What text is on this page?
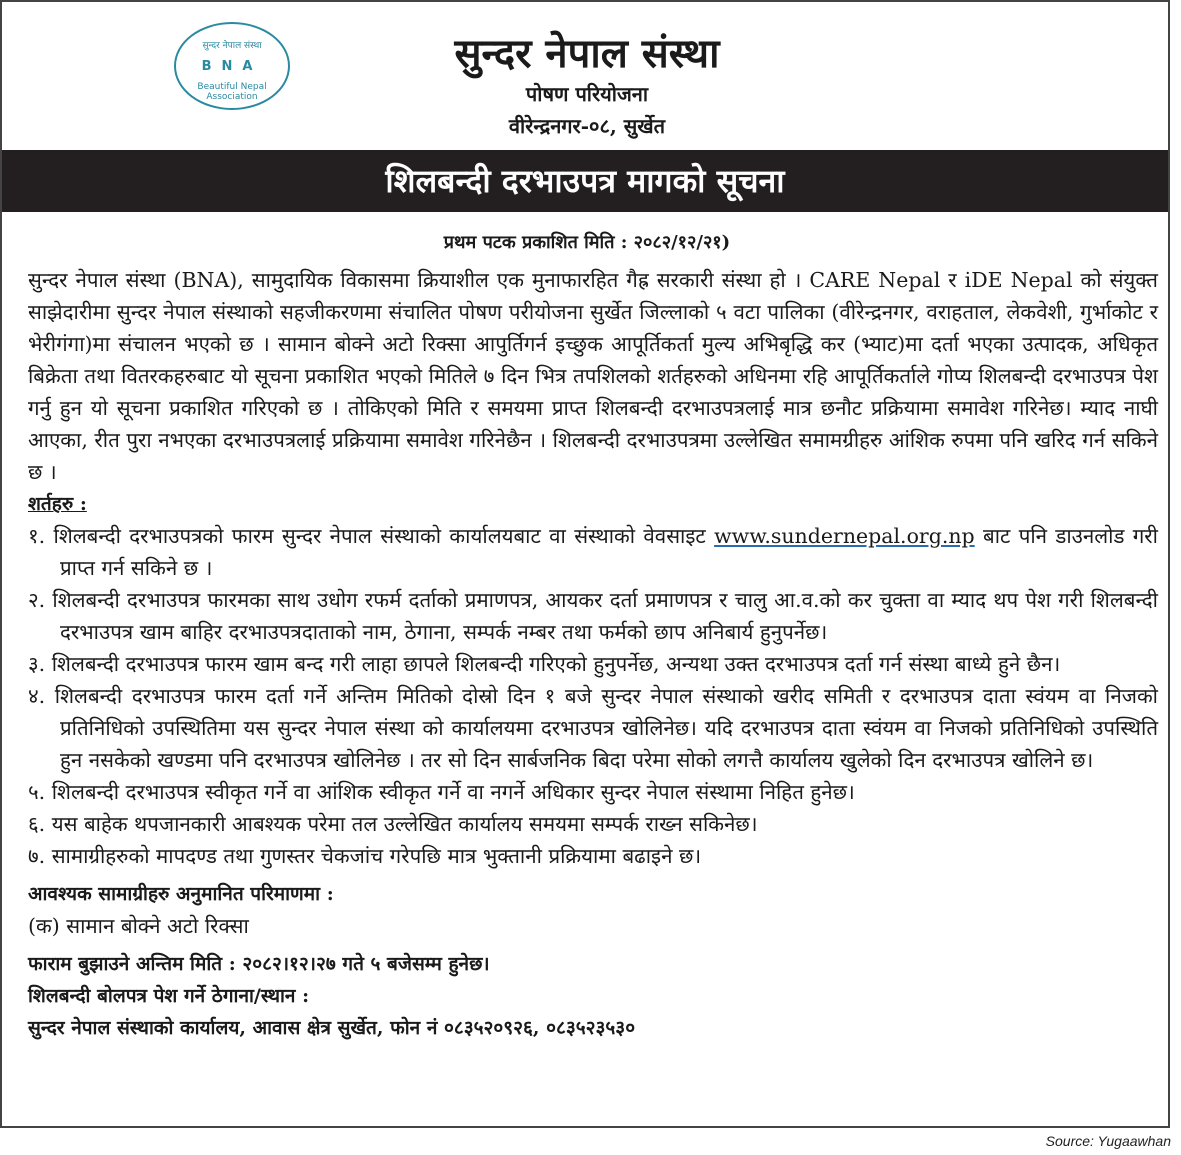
सुन्दर नेपाल संस्था
BNA
Beautiful Nepal Association
सुन्दर नेपाल संस्था
पोषण परियोजना
वीरेन्द्रनगर-०८, सुर्खेत
शिलबन्दी दरभाउपत्र मागको सूचना
प्रथम पटक प्रकाशित मिति : २०८२/१२/२१)

सुन्दर नेपाल संस्था (BNA), सामुदायिक विकासमा क्रियाशील एक मुनाफारहित गैह्र सरकारी संस्था हो । CARE Nepal र iDE Nepal को संयुक्त साझेदारीमा सुन्दर नेपाल संस्थाको सहजीकरणमा संचालित पोषण परीयोजना सुर्खेत जिल्लाको ५ वटा पालिका (वीरेन्द्रनगर, वराहताल, लेकवेशी, गुर्भाकोट र भेरीगंगा)मा संचालन भएको छ । सामान बोक्ने अटो रिक्सा आपुर्तिगर्न इच्छुक आपूर्तिकर्ता मुल्य अभिबृद्धि कर (भ्याट)मा दर्ता भएका उत्पादक, अधिकृत बिक्रेता तथा वितरकहरुबाट यो सूचना प्रकाशित भएको मितिले ७ दिन भित्र तपशिलको शर्तहरुको अधिनमा रहि आपूर्तिकर्ताले गोप्य शिलबन्दी दरभाउपत्र पेश गर्नु हुन यो सूचना प्रकाशित गरिएको छ । तोकिएको मिति र समयमा प्राप्त शिलबन्दी दरभाउपत्रलाई मात्र छनौट प्रक्रियामा समावेश गरिनेछ। म्याद नाघी आएका, रीत पुरा नभएका दरभाउपत्रलाई प्रक्रियामा समावेश गरिनेछैन । शिलबन्दी दरभाउपत्रमा उल्लेखित समामग्रीहरु आंशिक रुपमा पनि खरिद गर्न सकिने छ ।

शर्तहरु :

१. शिलबन्दी दरभाउपत्रको फारम सुन्दर नेपाल संस्थाको कार्यालयबाट वा संस्थाको वेवसाइट www.sundernepal.org.np बाट पनि डाउनलोड गरी प्राप्त गर्न सकिने छ ।
२. शिलबन्दी दरभाउपत्र फारमका साथ उधोग रफर्म दर्ताको प्रमाणपत्र, आयकर दर्ता प्रमाणपत्र र चालु आ.व.को कर चुक्ता वा म्याद थप पेश गरी शिलबन्दी दरभाउपत्र खाम बाहिर दरभाउपत्रदाताको नाम, ठेगाना, सम्पर्क नम्बर तथा फर्मको छाप अनिबार्य हुनुपर्नेछ।
३. शिलबन्दी दरभाउपत्र फारम खाम बन्द गरी लाहा छापले शिलबन्दी गरिएको हुनुपर्नेछ, अन्यथा उक्त दरभाउपत्र दर्ता गर्न संस्था बाध्ये हुने छैन।
४. शिलबन्दी दरभाउपत्र फारम दर्ता गर्ने अन्तिम मितिको दोस्रो दिन १ बजे सुन्दर नेपाल संस्थाको खरीद समिती र दरभाउपत्र दाता स्वंयम वा निजको प्रतिनिधिको उपस्थितिमा यस सुन्दर नेपाल संस्था को कार्यालयमा दरभाउपत्र खोलिनेछ। यदि दरभाउपत्र दाता स्वंयम वा निजको प्रतिनिधिको उपस्थिति हुन नसकेको खण्डमा पनि दरभाउपत्र खोलिनेछ । तर सो दिन सार्बजनिक बिदा परेमा सोको लगत्तै कार्यालय खुलेको दिन दरभाउपत्र खोलिने छ।
५. शिलबन्दी दरभाउपत्र स्वीकृत गर्ने वा आंशिक स्वीकृत गर्ने वा नगर्ने अधिकार सुन्दर नेपाल संस्थामा निहित हुनेछ।
६. यस बाहेक थपजानकारी आबश्यक परेमा तल उल्लेखित कार्यालय समयमा सम्पर्क राख्न सकिनेछ।
७. सामाग्रीहरुको मापदण्ड तथा गुणस्तर चेकजांच गरेपछि मात्र भुक्तानी प्रक्रियामा बढाइने छ।

आवश्यक सामाग्रीहरु अनुमानित परिमाणमा :

(क) सामान बोक्ने अटो रिक्सा

फाराम बुझाउने अन्तिम मिति : २०८२।१२।२७ गते ५ बजेसम्म हुनेछ।

शिलबन्दी बोलपत्र पेश गर्ने ठेगाना/स्थान :

सुन्दर नेपाल संस्थाको कार्यालय, आवास क्षेत्र सुर्खेत, फोन नं ०८३५२०९२६, ०८३५२३५३०

Source: Yugaawhan
